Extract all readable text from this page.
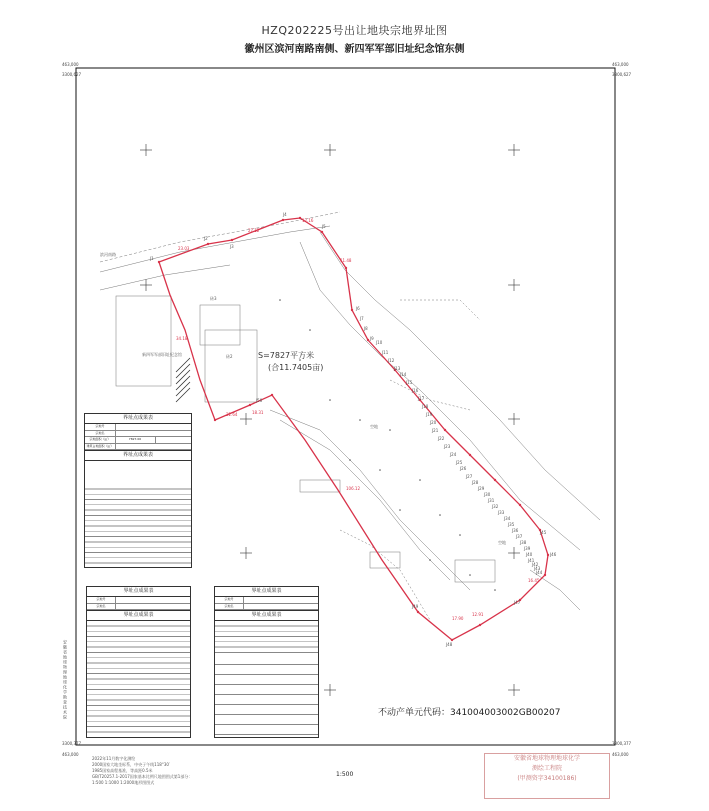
HZQ202225号出让地块宗地界址图
徽州区滨河南路南侧、新四军军部旧址纪念馆东侧
463,000
3300,627
463,000
3300,627
3300,377
463,000
3300,377
463,000
J1
J2
J3
J4
J5
J6
J7
J8
J9
J10
J11
J12
J13
J14
J15
J16
J17
J18
J19
J20
J21
J22
J23
J24
J25
J26
J27
J28
J29
J30
J31
J32
J33
J34
J35
J36
J37
J38
J39
J40
J41
J42
J43
J44
J45
J46
J47
J48
J49
J50
23.03
27.12
12.16
11.48
106.12
12.91
34.18
16.45
17.90
22.64	18.31
滨河南路
砖2
砖3
新四军军部旧址纪念馆
空地
空地
S=7827平方米
(合11.7405亩)
界址点成果表
宗地号
宗地名
宗地面积（㎡）	7827.00
建筑占地面积（㎡）
界址点成果表
界址点成果表
宗地号
宗地名
界址点成果表
界址点成果表
宗地号
宗地名
界址点成果表
安徽省地球物理地球化学勘查技术院	不动产单元代码：341004003002GB00207
2022年11月数字化测绘
2000国家大地坐标系，中央子午线118°30′
1985国家高程基准，等高距0.5米
GB/T20257.1-2017国家基本比例尺地图图式第1部分：
1:500 1:1000 1:2000地形图图式
1:500
安徽省地球物理地球化学
测绘工程院
(甲测资字34100186)
